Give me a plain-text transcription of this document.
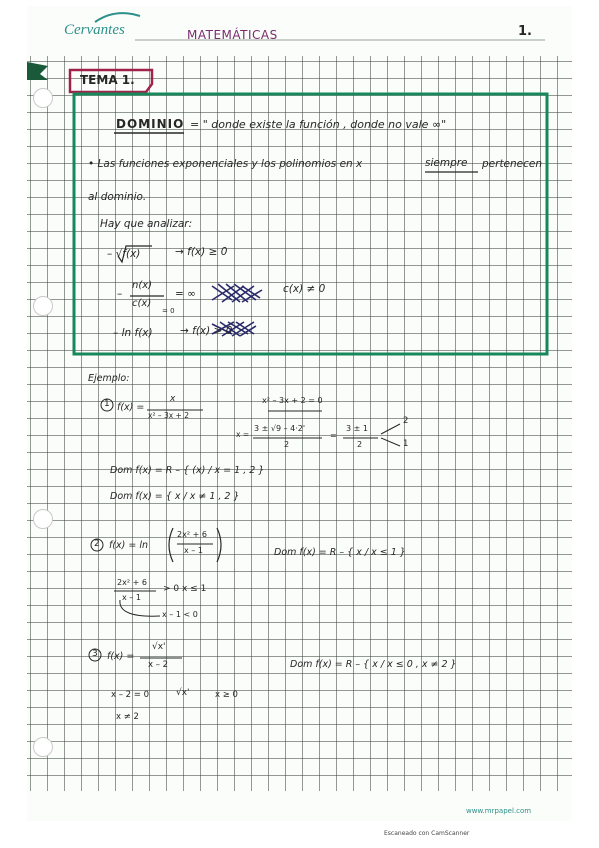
Cervantes	MATEMÁTICAS	1.
TEMA 1.
DOMINIO = " donde existe la función , donde no vale ∞"
• Las funciones exponenciales y los polinomios en x	siempre pertenecen
al dominio.
Hay que analizar:
– √f(x)	→ f(x) ≥ 0
n(x)
c(x)
= 0
–	= ∞	c(x) ≠ 0
– ln f(x)	→ f(x) > 0
Ejemplo:
1 f(x) =
x
x² – 3x + 2
x² – 3x + 2 = 0
x =
3 ± √9 – 4·2'
2
=
3 ± 1
2
2
1
Dom f(x) = R – { (x) / x = 1 , 2 }
Dom f(x) = { x / x ≠ 1 , 2 }
2 f(x) = ln
2x² + 6
x – 1	Dom f(x) = R – { x / x ≤ 1 }
2x² + 6
x – 1
> 0 x ≤ 1
x – 1 < 0
3 f(x) =
√x'
x – 2	Dom f(x) = R – { x / x ≤ 0 , x ≠ 2 }
x – 2 = 0	√x'	x ≥ 0
x ≠ 2
www.mrpapel.com
Escaneado con CamScanner
